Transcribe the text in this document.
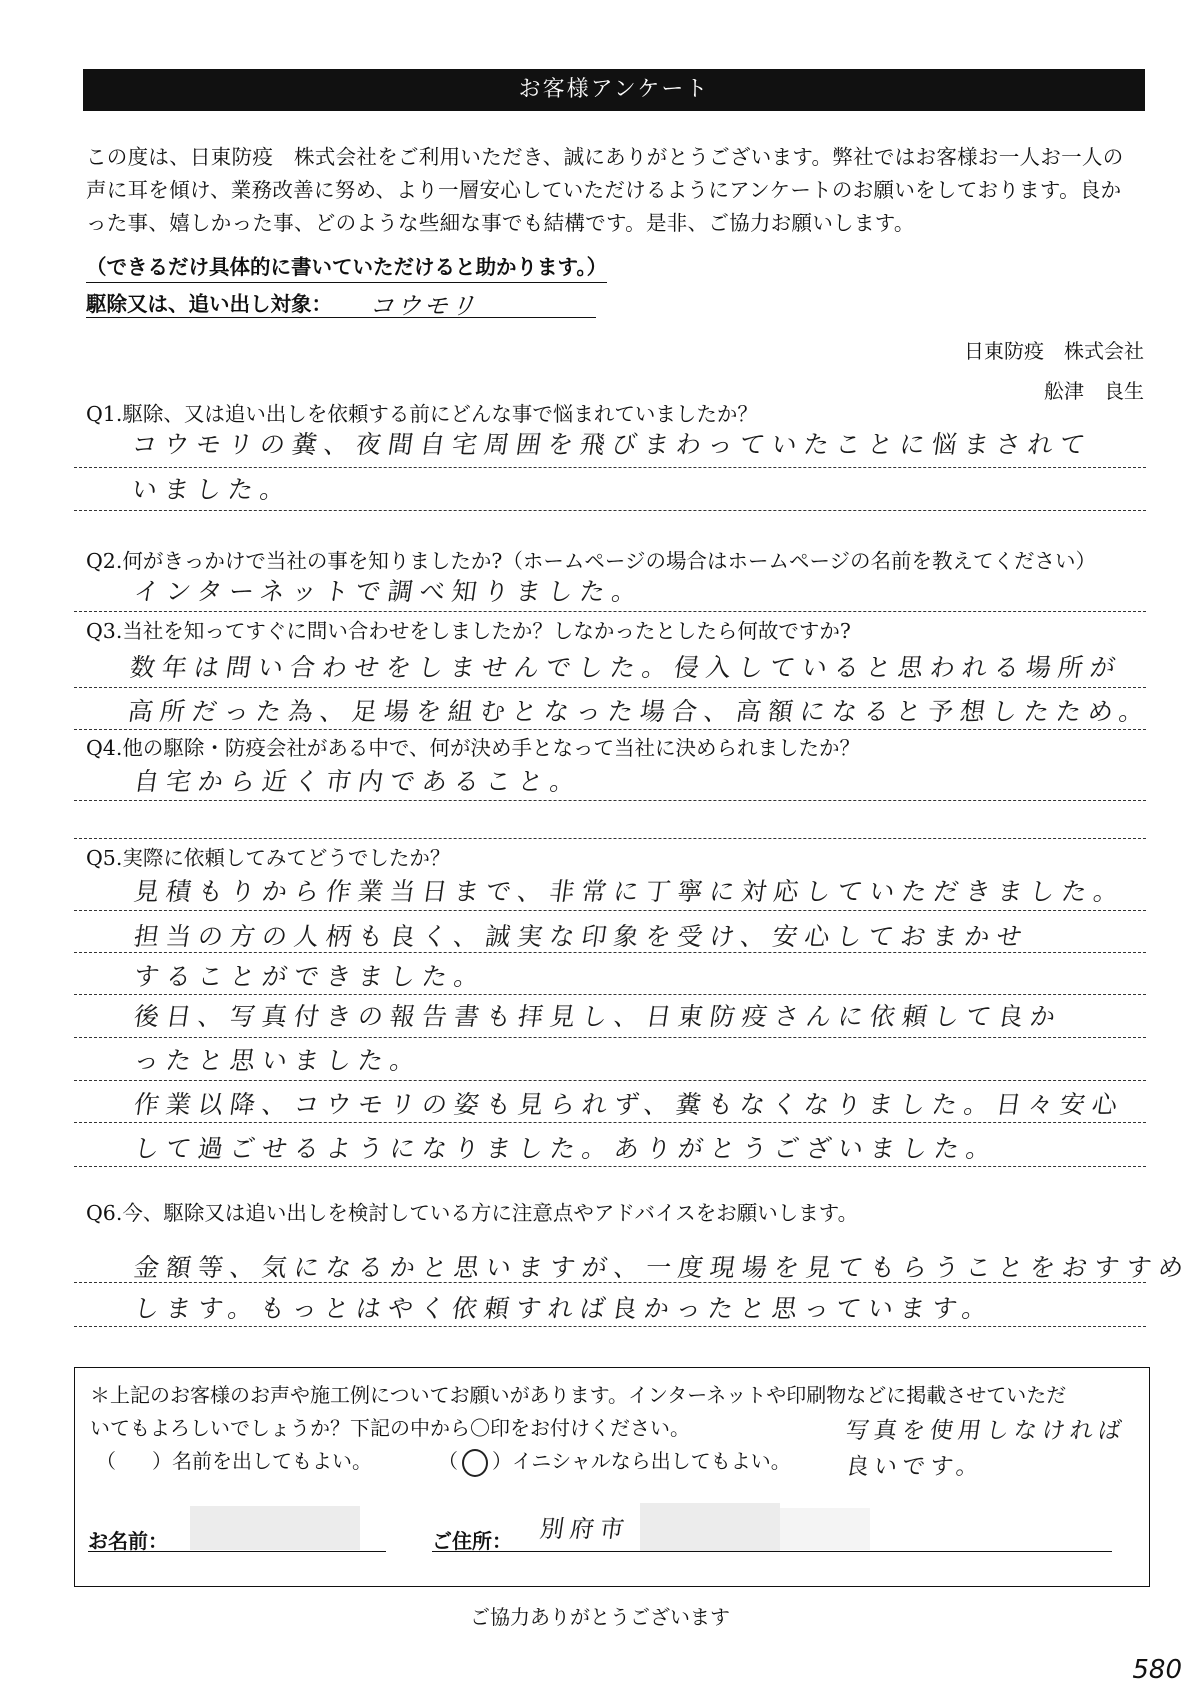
お客様アンケート

この度は、日東防疫　株式会社をご利用いただき、誠にありがとうございます。弊社ではお客様お一人お一人の

声に耳を傾け、業務改善に努め、より一層安心していただけるようにアンケートのお願いをしております。良か

った事、嬉しかった事、どのような些細な事でも結構です。是非、ご協力お願いします。

（できるだけ具体的に書いていただけると助かります。）
駆除又は、追い出し対象： コウモリ
日東防疫　株式会社
舩津　良生
Q1.駆除、又は追い出しを依頼する前にどんな事で悩まれていましたか？
コウモリの糞、夜間自宅周囲を飛びまわっていたことに悩まされて
いました。
Q2.何がきっかけで当社の事を知りましたか?（ホームページの場合はホームページの名前を教えてください）
インターネットで調べ知りました。
Q3.当社を知ってすぐに問い合わせをしましたか？しなかったとしたら何故ですか?
数年は問い合わせをしませんでした。侵入していると思われる場所が
高所だった為、足場を組むとなった場合、高額になると予想したため。
Q4.他の駆除・防疫会社がある中で、何が決め手となって当社に決められましたか？
自宅から近く市内であること。
Q5.実際に依頼してみてどうでしたか？
見積もりから作業当日まで、非常に丁寧に対応していただきました。
担当の方の人柄も良く、誠実な印象を受け、安心しておまかせ
することができました。
後日、写真付きの報告書も拝見し、日東防疫さんに依頼して良か
ったと思いました。
作業以降、コウモリの姿も見られず、糞もなくなりました。日々安心
して過ごせるようになりました。ありがとうございました。
Q6.今、駆除又は追い出しを検討している方に注意点やアドバイスをお願いします。
金額等、気になるかと思いますが、一度現場を見てもらうことをおすすめ
します。もっとはやく依頼すれば良かったと思っています。

＊上記のお客様のお声や施工例についてお願いがあります。インターネットや印刷物などに掲載させていただ

いてもよろしいでしょうか？下記の中から〇印をお付けください。

（ ）名前を出してもよい。	（ ○ ）イニシャルなら出してもよい。
写真を使用しなければ
良いです。
お名前：	ご住所： 別府市
ご協力ありがとうございます
580
